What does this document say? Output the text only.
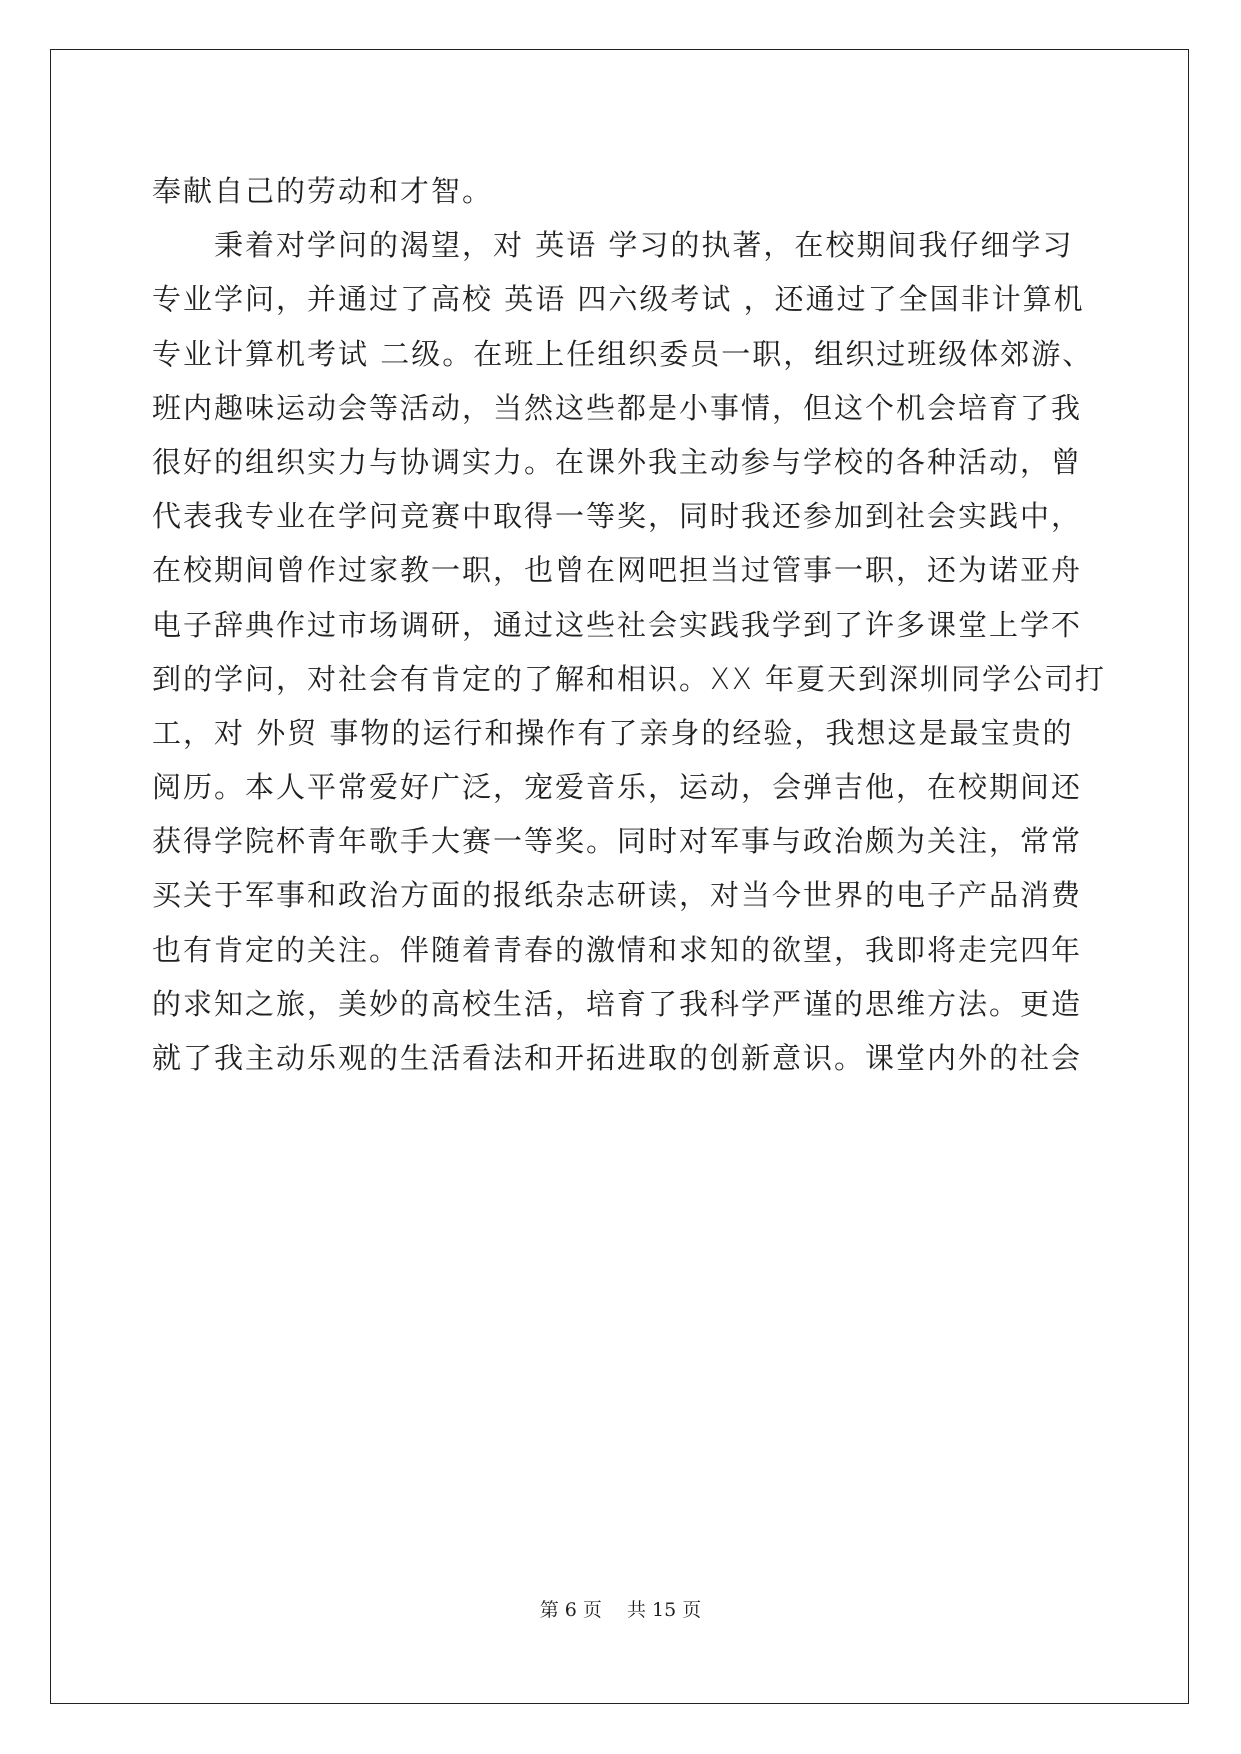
奉献自己的劳动和才智。
　　秉着对学问的渴望，对 英语 学习的执著，在校期间我仔细学习
专业学问，并通过了高校 英语 四六级考试 ，还通过了全国非计算机
专业计算机考试 二级。在班上任组织委员一职，组织过班级体郊游、
班内趣味运动会等活动，当然这些都是小事情，但这个机会培育了我
很好的组织实力与协调实力。在课外我主动参与学校的各种活动，曾
代表我专业在学问竞赛中取得一等奖，同时我还参加到社会实践中，
在校期间曾作过家教一职，也曾在网吧担当过管事一职，还为诺亚舟
电子辞典作过市场调研，通过这些社会实践我学到了许多课堂上学不
到的学问，对社会有肯定的了解和相识。XX 年夏天到深圳同学公司打
工，对 外贸 事物的运行和操作有了亲身的经验，我想这是最宝贵的
阅历。本人平常爱好广泛，宠爱音乐，运动，会弹吉他，在校期间还
获得学院杯青年歌手大赛一等奖。同时对军事与政治颇为关注，常常
买关于军事和政治方面的报纸杂志研读，对当今世界的电子产品消费
也有肯定的关注。伴随着青春的激情和求知的欲望，我即将走完四年
的求知之旅，美妙的高校生活，培育了我科学严谨的思维方法。更造
就了我主动乐观的生活看法和开拓进取的创新意识。课堂内外的社会
第 6 页　 共 15 页
